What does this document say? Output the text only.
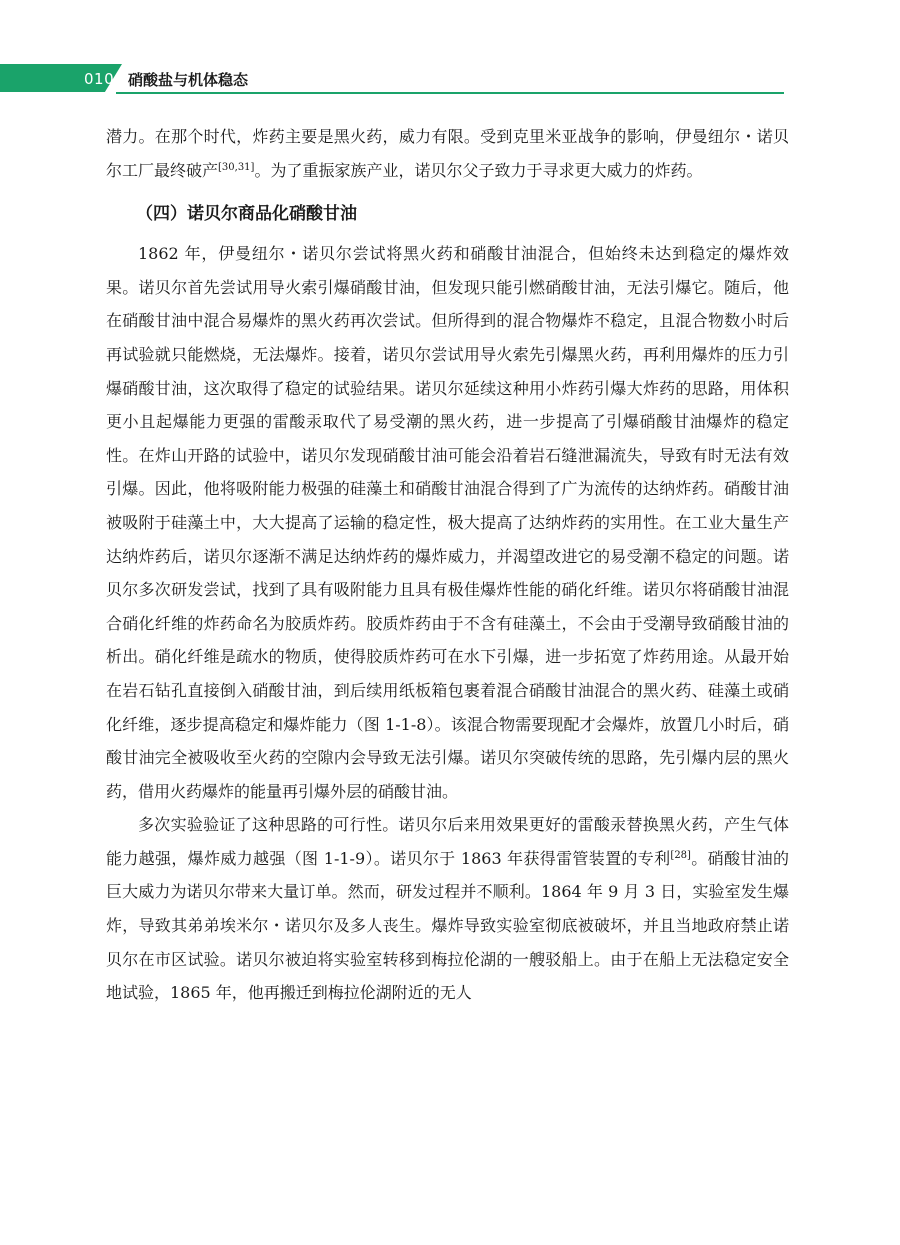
010 硝酸盐与机体稳态

潜力。在那个时代，炸药主要是黑火药，威力有限。受到克里米亚战争的影响，伊曼纽尔・诺贝尔工厂最终破产[30,31]。为了重振家族产业，诺贝尔父子致力于寻求更大威力的炸药。

（四）诺贝尔商品化硝酸甘油

1862 年，伊曼纽尔・诺贝尔尝试将黑火药和硝酸甘油混合，但始终未达到稳定的爆炸效果。诺贝尔首先尝试用导火索引爆硝酸甘油，但发现只能引燃硝酸甘油，无法引爆它。随后，他在硝酸甘油中混合易爆炸的黑火药再次尝试。但所得到的混合物爆炸不稳定，且混合物数小时后再试验就只能燃烧，无法爆炸。接着，诺贝尔尝试用导火索先引爆黑火药，再利用爆炸的压力引爆硝酸甘油，这次取得了稳定的试验结果。诺贝尔延续这种用小炸药引爆大炸药的思路，用体积更小且起爆能力更强的雷酸汞取代了易受潮的黑火药，进一步提高了引爆硝酸甘油爆炸的稳定性。在炸山开路的试验中，诺贝尔发现硝酸甘油可能会沿着岩石缝泄漏流失，导致有时无法有效引爆。因此，他将吸附能力极强的硅藻土和硝酸甘油混合得到了广为流传的达纳炸药。硝酸甘油被吸附于硅藻土中，大大提高了运输的稳定性，极大提高了达纳炸药的实用性。在工业大量生产达纳炸药后，诺贝尔逐渐不满足达纳炸药的爆炸威力，并渴望改进它的易受潮不稳定的问题。诺贝尔多次研发尝试，找到了具有吸附能力且具有极佳爆炸性能的硝化纤维。诺贝尔将硝酸甘油混合硝化纤维的炸药命名为胶质炸药。胶质炸药由于不含有硅藻土，不会由于受潮导致硝酸甘油的析出。硝化纤维是疏水的物质，使得胶质炸药可在水下引爆，进一步拓宽了炸药用途。从最开始在岩石钻孔直接倒入硝酸甘油，到后续用纸板箱包裹着混合硝酸甘油混合的黑火药、硅藻土或硝化纤维，逐步提高稳定和爆炸能力（图 1-1-8）。该混合物需要现配才会爆炸，放置几小时后，硝酸甘油完全被吸收至火药的空隙内会导致无法引爆。诺贝尔突破传统的思路，先引爆内层的黑火药，借用火药爆炸的能量再引爆外层的硝酸甘油。

多次实验验证了这种思路的可行性。诺贝尔后来用效果更好的雷酸汞替换黑火药，产生气体能力越强，爆炸威力越强（图 1-1-9）。诺贝尔于 1863 年获得雷管装置的专利[28]。硝酸甘油的巨大威力为诺贝尔带来大量订单。然而，研发过程并不顺利。1864 年 9 月 3 日，实验室发生爆炸，导致其弟弟埃米尔・诺贝尔及多人丧生。爆炸导致实验室彻底被破坏，并且当地政府禁止诺贝尔在市区试验。诺贝尔被迫将实验室转移到梅拉伦湖的一艘驳船上。由于在船上无法稳定安全地试验，1865 年，他再搬迁到梅拉伦湖附近的无人
